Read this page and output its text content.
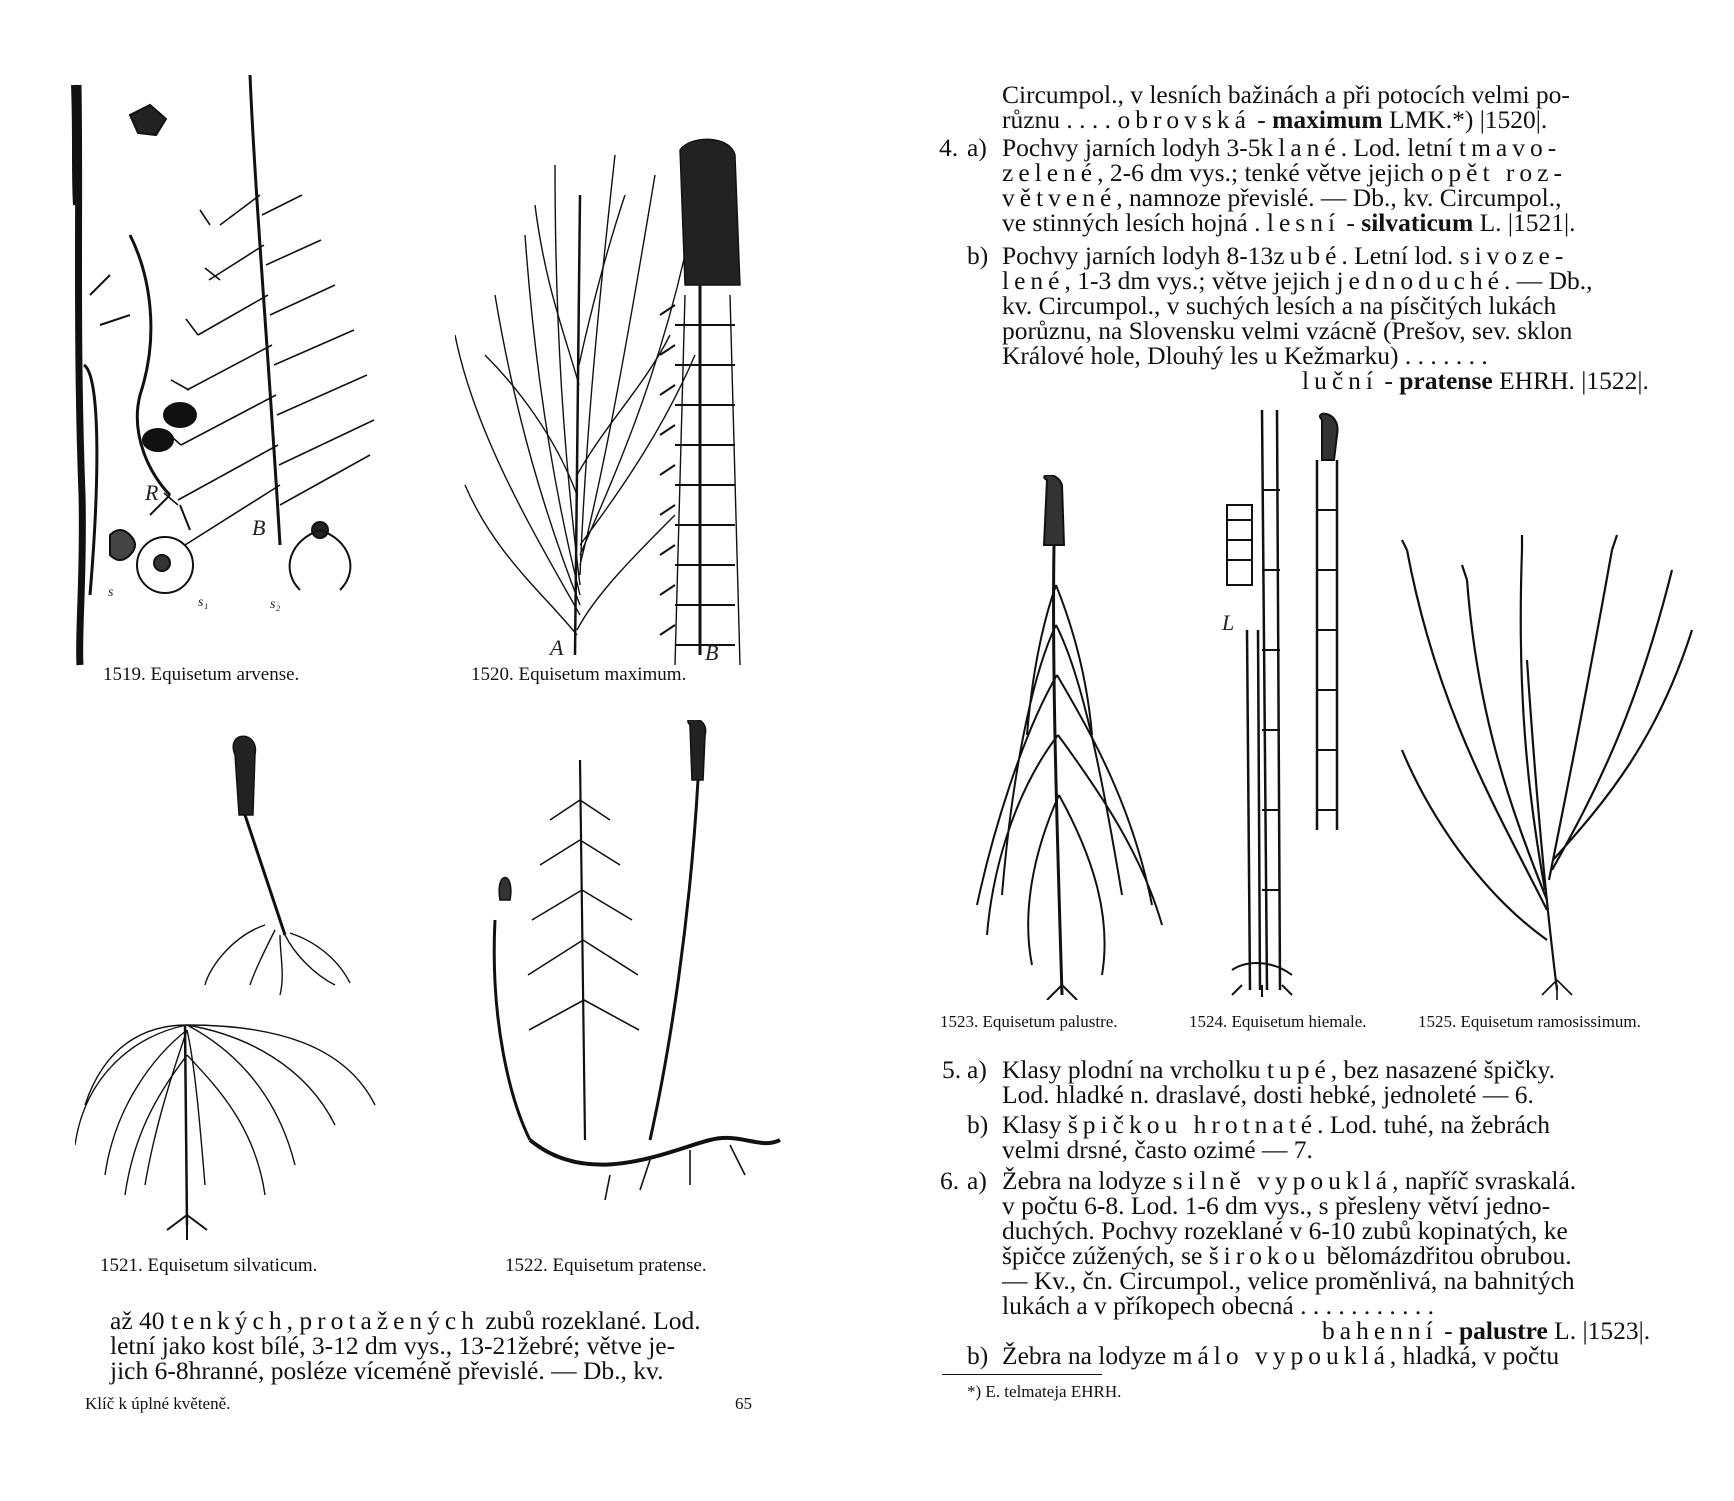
R
B
s
s₁	s₂
1519. Equisetum arvense.
A	B
1520. Equisetum maximum.
1521. Equisetum silvaticum.	1522. Equisetum pratense.
až 40 tenkých, protažených zubů rozeklané. Lod.
letní jako kost bílé, 3-12 dm vys., 13-21žebré; větve je-
jich 6-8hranné, posléze víceméně převislé. — Db., kv.
Klíč k úplné květeně.	65
Circumpol., v lesních bažinách a při potocích velmi po-
různu . . . . obrovská - maximum LMK.*) |1520|.
4. a) Pochvy jarních lodyh 3-5klané. Lod. letní tmavo-
zelené, 2-6 dm vys.; tenké větve jejich opět roz-
větvené, namnoze převislé. — Db., kv. Circumpol.,
ve stinných lesích hojná . lesní - silvaticum L. |1521|.
b) Pochvy jarních lodyh 8-13zubé. Letní lod. sivoze-
lené, 1-3 dm vys.; větve jejich jednoduché. — Db.,
kv. Circumpol., v suchých lesích a na písčitých lukách
porůznu, na Slovensku velmi vzácně (Prešov, sev. sklon
Králové hole, Dlouhý les u Kežmarku) . . . . . . .
luční - pratense EHRH. |1522|.
1523. Equisetum palustre.
L
1524. Equisetum hiemale.	1525. Equisetum ramosissimum.
5. a) Klasy plodní na vrcholku tupé, bez nasazené špičky.
Lod. hladké n. draslavé, dosti hebké, jednoleté — 6.
b) Klasy špičkou hrotnaté. Lod. tuhé, na žebrách
velmi drsné, často ozimé — 7.
6. a) Žebra na lodyze silně vypouklá, napříč svraskalá.
v počtu 6-8. Lod. 1-6 dm vys., s přesleny větví jedno-
duchých. Pochvy rozeklané v 6-10 zubů kopinatých, ke
špičce zúžených, se širokou bělomázdřitou obrubou.
— Kv., čn. Circumpol., velice proměnlivá, na bahnitých
lukách a v příkopech obecná . . . . . . . . . . .
bahenní - palustre L. |1523|.
b) Žebra na lodyze málo vypouklá, hladká, v počtu
*) E. telmateja EHRH.
